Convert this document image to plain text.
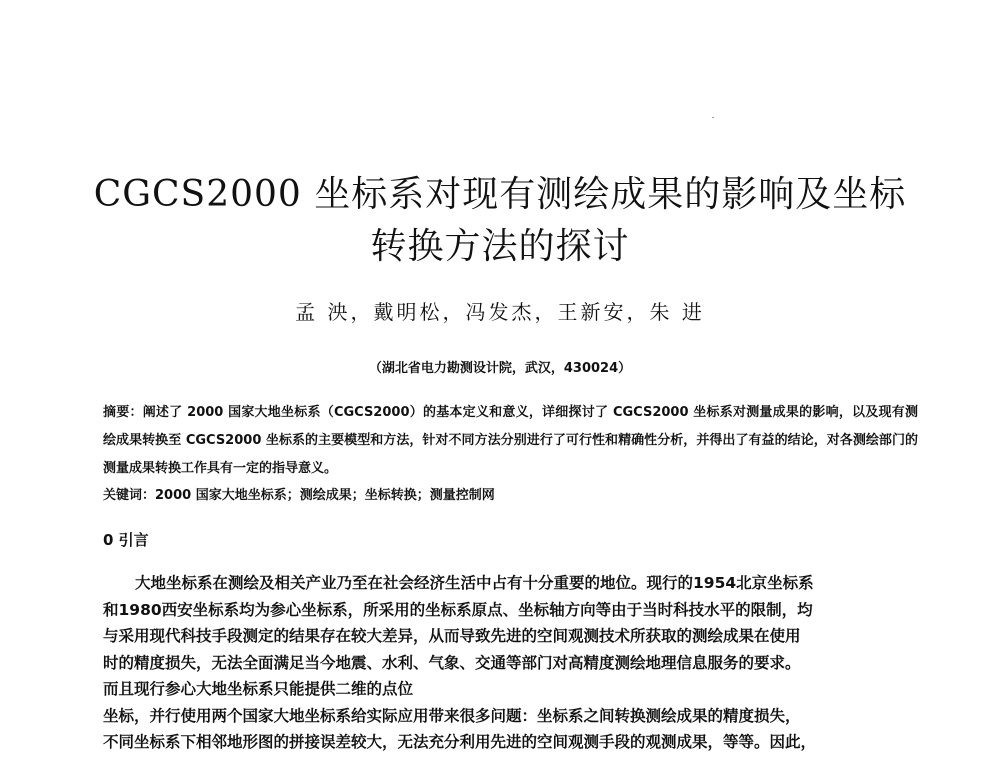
CGCS2000 坐标系对现有测绘成果的影响及坐标
转换方法的探讨
孟 泱，戴明松，冯发杰，王新安，朱 进
（湖北省电力勘测设计院，武汉，430024）
摘要：阐述了 2000 国家大地坐标系（CGCS2000）的基本定义和意义，详细探讨了 CGCS2000 坐标系对测量成果的影响，以及现有测绘成果转换至 CGCS2000 坐标系的主要模型和方法，针对不同方法分别进行了可行性和精确性分析，并得出了有益的结论，对各测绘部门的测量成果转换工作具有一定的指导意义。
关键词：2000 国家大地坐标系；测绘成果；坐标转换；测量控制网
0 引言
大地坐标系在测绘及相关产业乃至在社会经济生活中占有十分重要的地位。现行的1954北京坐标系
和1980西安坐标系均为参心坐标系，所采用的坐标系原点、坐标轴方向等由于当时科技水平的限制，均
与采用现代科技手段测定的结果存在较大差异，从而导致先进的空间观测技术所获取的测绘成果在使用
时的精度损失，无法全面满足当今地震、水利、气象、交通等部门对高精度测绘地理信息服务的要求。
而且现行参心大地坐标系只能提供二维的点位
坐标，并行使用两个国家大地坐标系给实际应用带来很多问题：坐标系之间转换测绘成果的精度损失，
不同坐标系下相邻地形图的拼接误差较大，无法充分利用先进的空间观测手段的观测成果，等等。因此，
